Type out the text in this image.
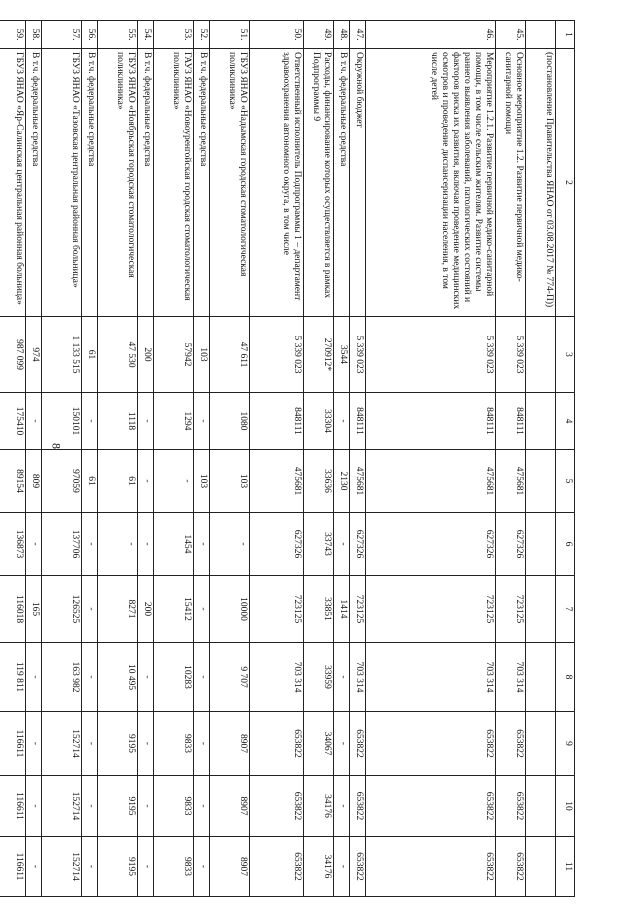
8
1	2	3	4	5	6	7	8	9	10	11
	(постановление Правительства ЯНАО от 03.08.2017 № 774-П))									
45.	Основное мероприятие 1.2. Развитие первичной медико-санитарной помощи	5 339 023	848111	475681	627326	723125	703 314	653822	653822	653822
46.	Мероприятие 1.2.1. Развитие первичной медико-санитарной помощи, в том числе сельским жителям. Развитие системы раннего выявления заболеваний, патологических состояний и факторов риска их развития, включая проведение медицинских осмотров и проведение диспансеризации населения, в том числе детей	5 339 023	848111	475681	627326	723125	703 314	653822	653822	653822
47.	Окружной бюджет	5 339 023	848111	475681	627326	723125	703 314	653822	653822	653822
48.	В т.ч. федеральные средства	3544	-	2130	-	1414	-	-	-	-
49.	Расходы, финансирование которых осуществляется в рамках Подпрограммы 9	270912*	33304	33636	33743	33851	33959	34067	34176	34176
50.	Ответственный исполнитель Подпрограммы 1 – департамент здравоохранения автономного округа, в том числе	5 339 023	848111	475681	627326	723125	703 314	653822	653822	653822
51.	ГБУЗ ЯНАО «Надымская городская стоматологическая поликлиника»	47 611	1080	103	-	10000	9 707	8907	8907	8907
52.	В т.ч. федеральные средства	103	-	103	-	-	-	-	-	-
53.	ГАУЗ ЯНАО «Новоуренгойская городская стоматологическая поликлиника»	57942	1294	-	1454	15412	10283	9833	9833	9833
54.	В т.ч. федеральные средства	200	-	-	-	200	-	-	-	-
55.	ГБУЗ ЯНАО «Ноябрьская городская стоматологическая поликлиника»	47 530	1118	61	-	8271	10 495	9195	9195	9195
56.	В т.ч. федеральные средства	61	-	61	-	-	-	-	-	-
57.	ГБУЗ ЯНАО «Тазовская центральная районная больница»	1 133 515	150101	97059	137706	126525	163 982	152714	152714	152714
58.	В т.ч. федеральные средства	974	-	809	-	165	-	-	-	-
59.	ГБУЗ ЯНАО «Яр-Салинская центральная районная больница»	987 099	175410	89154	136873	116018	119 811	116611	116611	116611
